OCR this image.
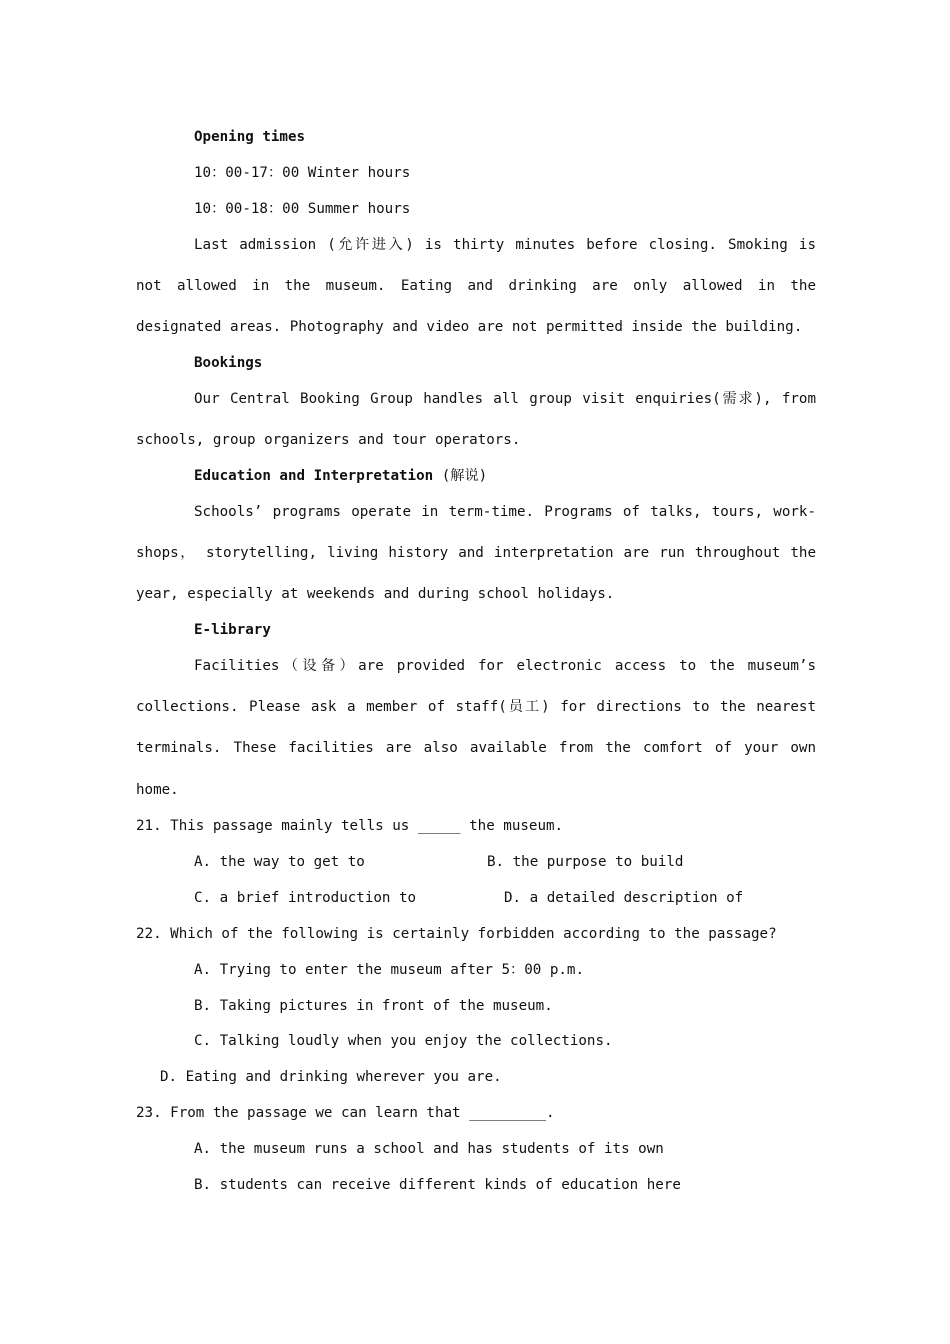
Opening times
10：00-17：00 Winter hours
10：00-18：00 Summer hours
Last admission (允许进入) is thirty minutes before closing. Smoking is
not allowed in the museum. Eating and drinking are only allowed in the
designated areas. Photography and video are not permitted inside the building.
Bookings
Our Central Booking Group handles all group visit enquiries(需求), from
schools, group organizers and tour operators.
Education and Interpretation (解说)
Schools’ programs operate in term-time. Programs of talks, tours, work-
shops， storytelling, living history and interpretation are run throughout the
year, especially at weekends and during school holidays.
E-library
Facilities（设备）are provided for electronic access to the museum’s
collections. Please ask a member of staff(员工) for directions to the nearest
terminals. These facilities are also available from the comfort of your own
home.
21. This passage mainly tells us _____ the museum.
A. the way to get to	B. the purpose to build
C. a brief introduction to	D. a detailed description of
22. Which of the following is certainly forbidden according to the passage?
A. Trying to enter the museum after 5：00 p.m.
B. Taking pictures in front of the museum.
C. Talking loudly when you enjoy the collections.
D. Eating and drinking wherever you are.
23. From the passage we can learn that _________.
A. the museum runs a school and has students of its own
B. students can receive different kinds of education here
